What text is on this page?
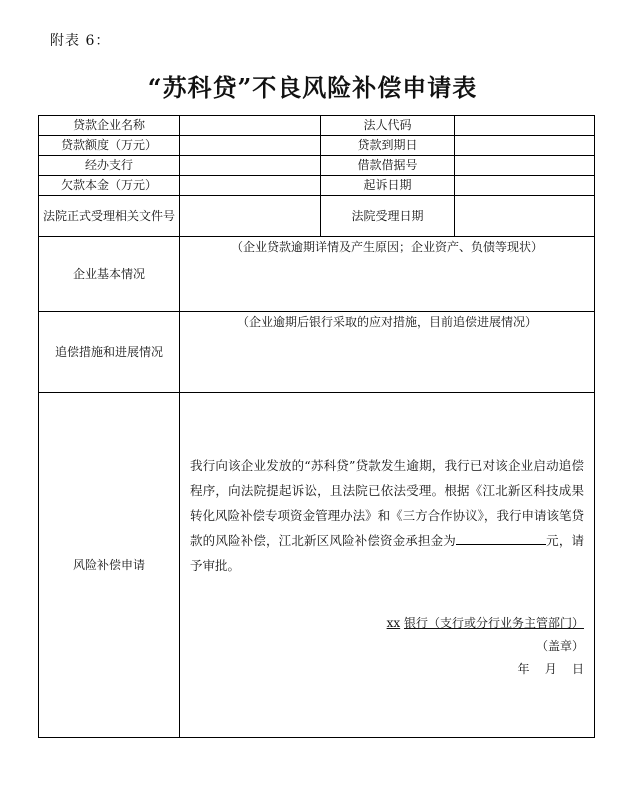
附表 6：
“苏科贷”不良风险补偿申请表
贷款企业名称		法人代码	
贷款额度（万元）		贷款到期日	
经办支行		借款借据号	
欠款本金（万元）		起诉日期	
法院正式受理相关文件号		法院受理日期	
企业基本情况	（企业贷款逾期详情及产生原因；企业资产、负债等现状）		

追偿措施和进展情况	（企业逾期后银行采取的应对措施，目前追偿进展情况）		

风险补偿申请	我行向该企业发放的“苏科贷”贷款发生逾期，我行已对该企业启动追偿程序，向法院提起诉讼，且法院已依法受理。根据《江北新区科技成果转化风险补偿专项资金管理办法》和《三方合作协议》，我行申请该笔贷款的风险补偿，江北新区风险补偿资金承担金为 元，请予审批。
xx 银行（支行或分行业务主管部门）
（盖章）
年    月    日		
